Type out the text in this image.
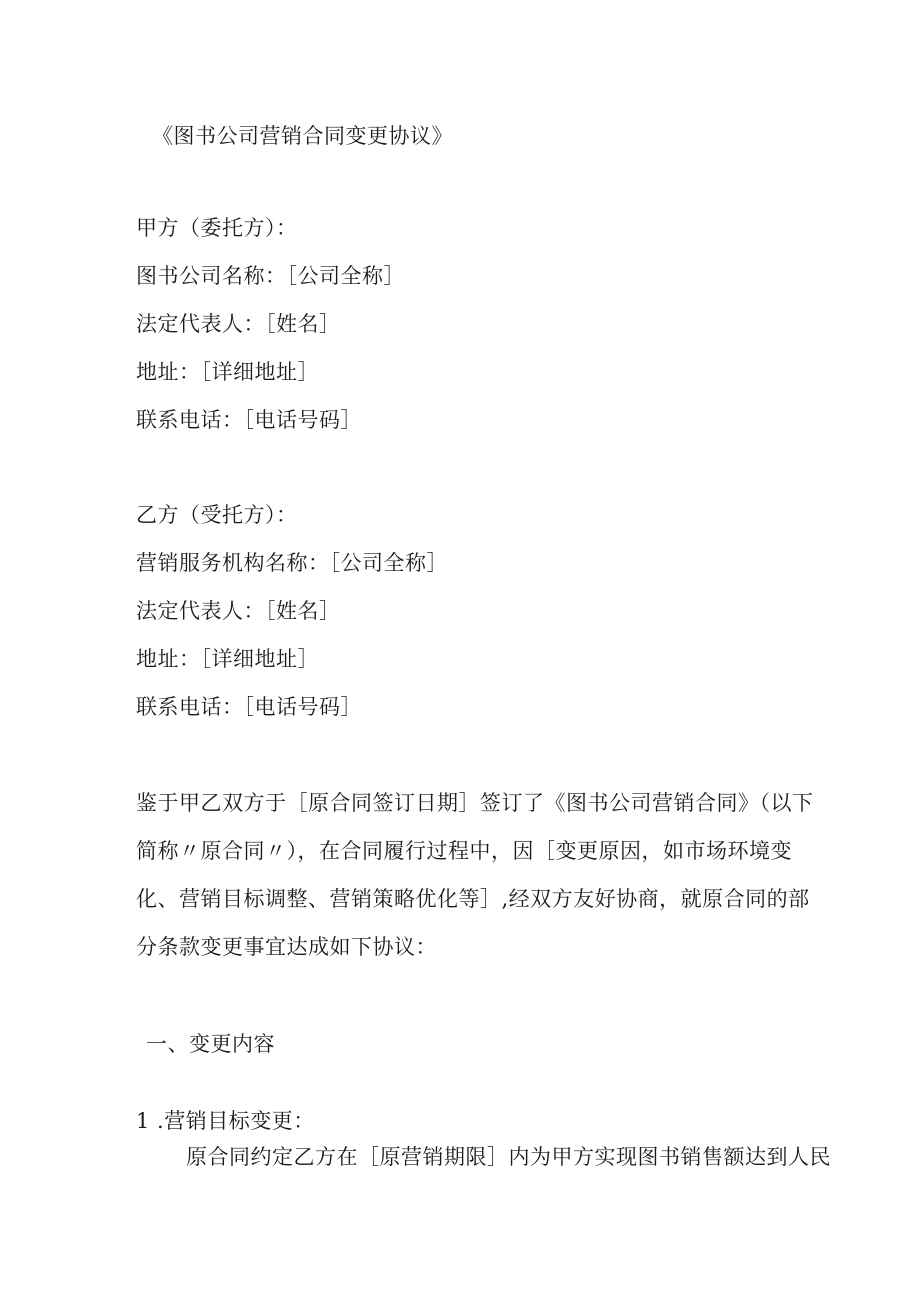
《图书公司营销合同变更协议》
甲方（委托方）：
图书公司名称：［公司全称］
法定代表人：［姓名］
地址：［详细地址］
联系电话：［电话号码］
乙方（受托方）：
营销服务机构名称：［公司全称］
法定代表人：［姓名］
地址：［详细地址］
联系电话：［电话号码］
鉴于甲乙双方于［原合同签订日期］签订了《图书公司营销合同》（以下
简称〃原合同〃），在合同履行过程中，因［变更原因，如市场环境变
化、营销目标调整、营销策略优化等］,经双方友好协商，就原合同的部
分条款变更事宜达成如下协议：
一、变更内容
1 .营销目标变更：
原合同约定乙方在［原营销期限］内为甲方实现图书销售额达到人民
